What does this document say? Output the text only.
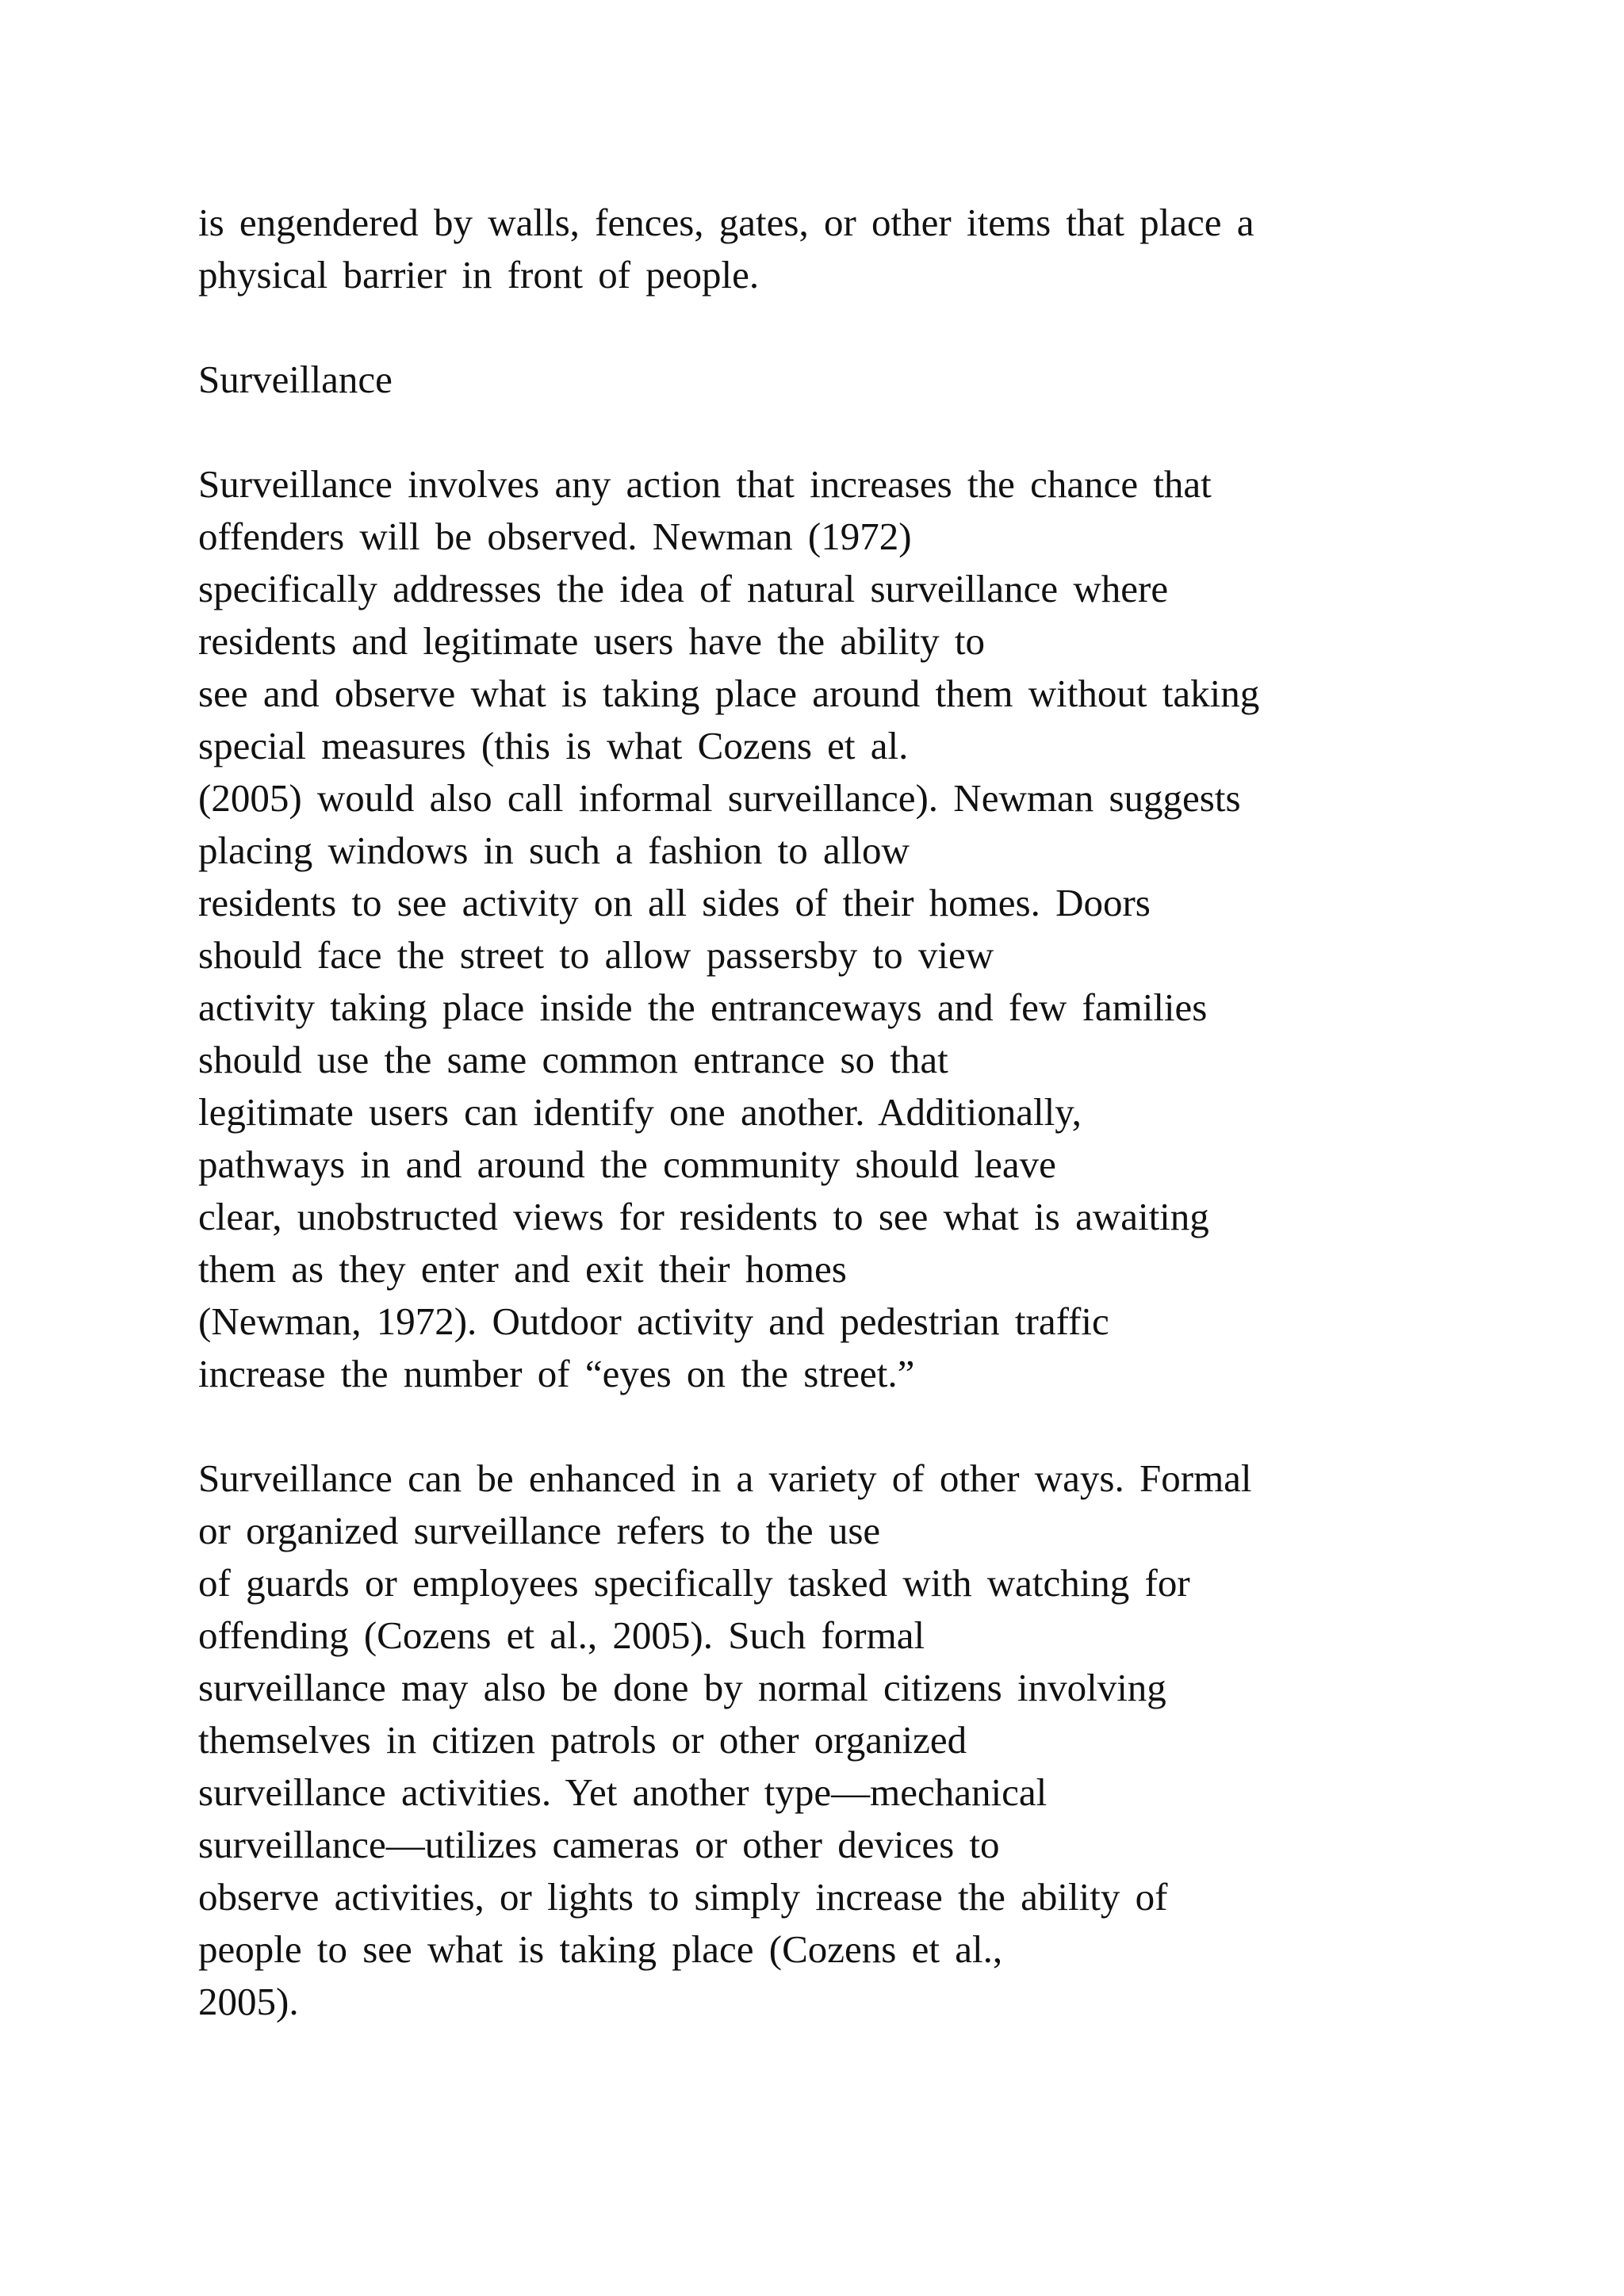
is engendered by walls, fences, gates, or other items that place a
physical barrier in front of people.
Surveillance
Surveillance involves any action that increases the chance that
offenders will be observed. Newman (1972)
specifically addresses the idea of natural surveillance where
residents and legitimate users have the ability to
see and observe what is taking place around them without taking
special measures (this is what Cozens et al.
(2005) would also call informal surveillance). Newman suggests
placing windows in such a fashion to allow
residents to see activity on all sides of their homes. Doors
should face the street to allow passersby to view
activity taking place inside the entranceways and few families
should use the same common entrance so that
legitimate users can identify one another. Additionally,
pathways in and around the community should leave
clear, unobstructed views for residents to see what is awaiting
them as they enter and exit their homes
(Newman, 1972). Outdoor activity and pedestrian traffic
increase the number of “eyes on the street.”
Surveillance can be enhanced in a variety of other ways. Formal
or organized surveillance refers to the use
of guards or employees specifically tasked with watching for
offending (Cozens et al., 2005). Such formal
surveillance may also be done by normal citizens involving
themselves in citizen patrols or other organized
surveillance activities. Yet another type—mechanical
surveillance—utilizes cameras or other devices to
observe activities, or lights to simply increase the ability of
people to see what is taking place (Cozens et al.,
2005).
